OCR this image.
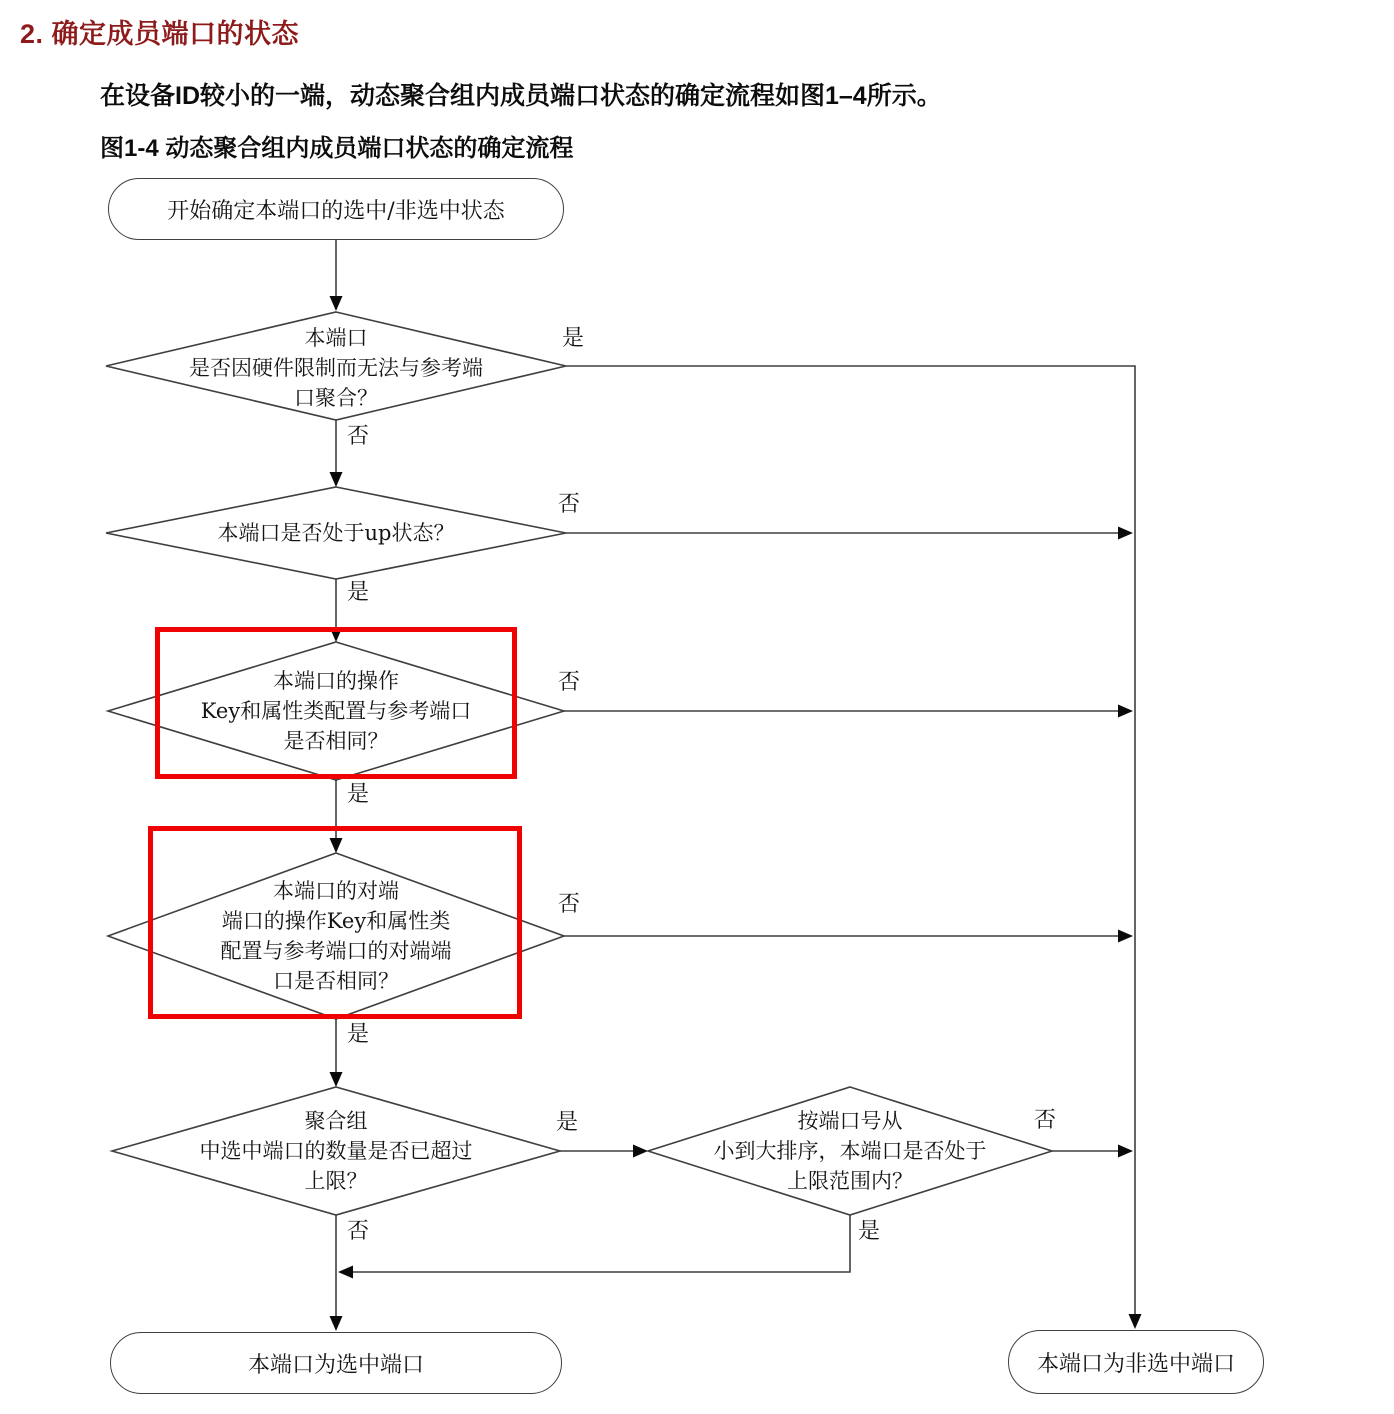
2. 确定成员端口的状态
在设备ID较小的一端，动态聚合组内成员端口状态的确定流程如图1–4所示。
图1-4 动态聚合组内成员端口状态的确定流程
开始确定本端口的选中/非选中状态
本端口
是否因硬件限制而无法与参考端
口聚合？
是
否
本端口是否处于up状态？
否
是
本端口的操作
Key和属性类配置与参考端口
是否相同？
否
是
本端口的对端
端口的操作Key和属性类
配置与参考端口的对端端
口是否相同？
否
是
聚合组
中选中端口的数量是否已超过
上限？
是
否
按端口号从
小到大排序，本端口是否处于
上限范围内？
否
是
本端口为选中端口	本端口为非选中端口
